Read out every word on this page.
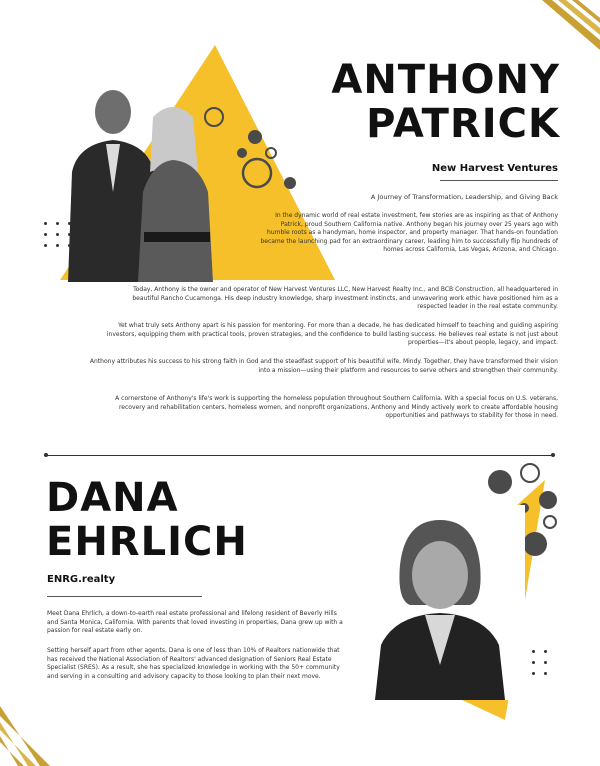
ANTHONY
PATRICK
New Harvest Ventures
A Journey of Transformation, Leadership, and Giving Back
In the dynamic world of real estate investment, few stories are as inspiring as that of Anthony Patrick, proud Southern California native. Anthony began his journey over 25 years ago with humble roots as a handyman, home inspector, and property manager. That hands-on foundation became the launching pad for an extraordinary career, leading him to successfully flip hundreds of homes across California, Las Vegas, Arizona, and Chicago.
Today, Anthony is the owner and operator of New Harvest Ventures LLC, New Harvest Realty Inc., and BCB Construction, all headquartered in beautiful Rancho Cucamonga. His deep industry knowledge, sharp investment instincts, and unwavering work ethic have positioned him as a respected leader in the real estate community.
Yet what truly sets Anthony apart is his passion for mentoring. For more than a decade, he has dedicated himself to teaching and guiding aspiring investors, equipping them with practical tools, proven strategies, and the confidence to build lasting success. He believes real estate is not just about properties—it's about people, legacy, and impact.
Anthony attributes his success to his strong faith in God and the steadfast support of his beautiful wife, Mindy. Together, they have transformed their vision into a mission—using their platform and resources to serve others and strengthen their community.
A cornerstone of Anthony's life's work is supporting the homeless population throughout Southern California. With a special focus on U.S. veterans, recovery and rehabilitation centers, homeless women, and nonprofit organizations, Anthony and Mindy actively work to create affordable housing opportunities and pathways to stability for those in need.
DANA
EHRLICH
ENRG.realty
Meet Dana Ehrlich, a down-to-earth real estate professional and lifelong resident of Beverly Hills and Santa Monica, California. With parents that loved investing in properties, Dana grew up with a passion for real estate early on.
Setting herself apart from other agents, Dana is one of less than 10% of Realtors nationwide that has received the National Association of Realtors' advanced designation of Seniors Real Estate Specialist (SRES). As a result, she has specialized knowledge in working with the 50+ community and serving in a consulting and advisory capacity to those looking to plan their next move.
